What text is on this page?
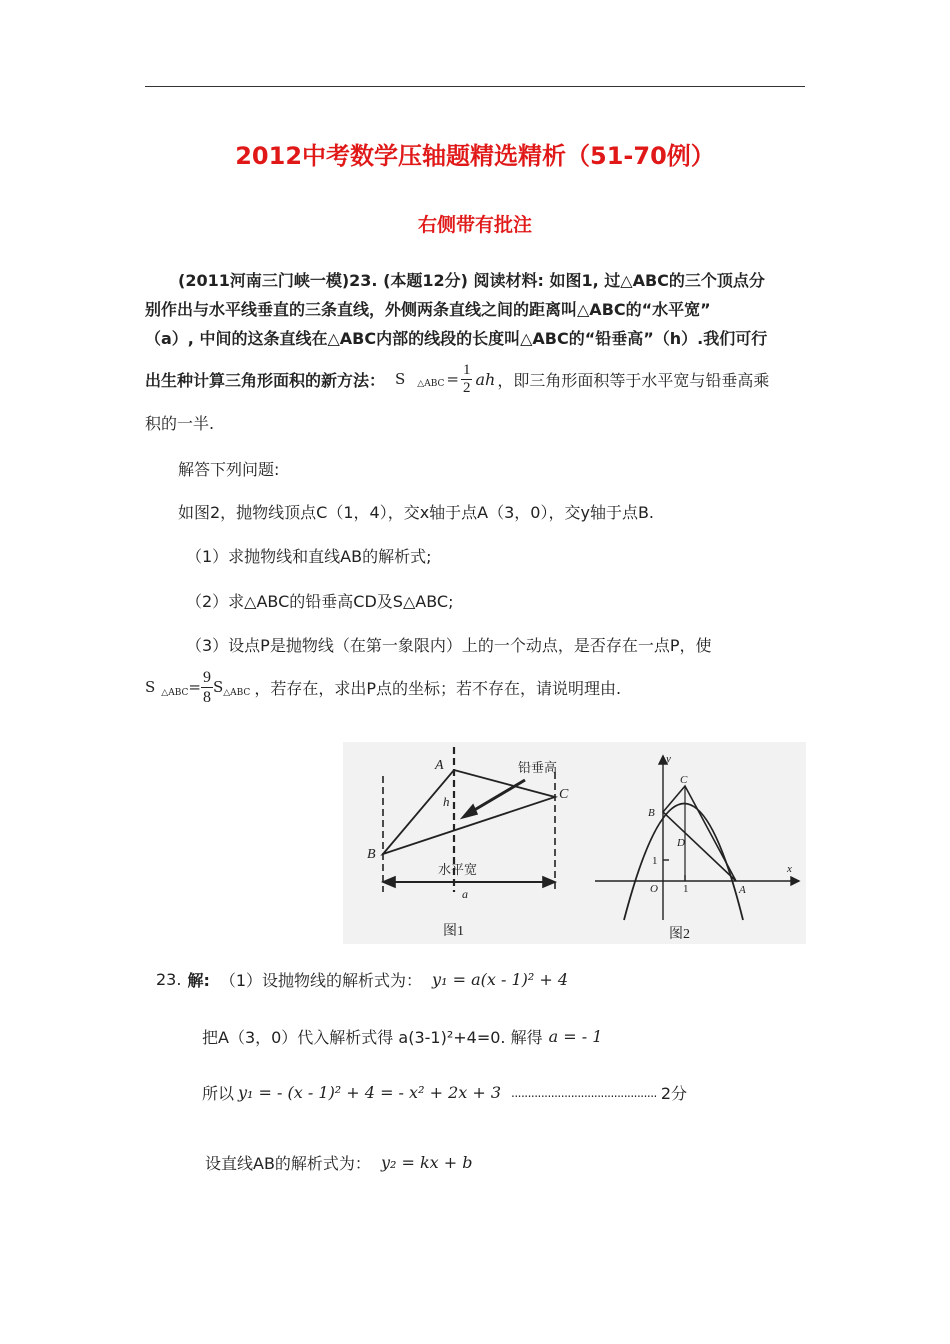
2012中考数学压轴题精选精析（51-70例）
右侧带有批注
(2011河南三门峡一模)23. (本题12分) 阅读材料: 如图1, 过△ABC的三个顶点分
别作出与水平线垂直的三条直线，外侧两条直线之间的距离叫△ABC的“水平宽”
（a）, 中间的这条直线在△ABC内部的线段的长度叫△ABC的“铅垂高”（h）.我们可行
出生种计算三角形面积的新方法： S △ABC = $\frac{1}{2}$ ah ，即三角形面积等于水平宽与铅垂高乘
积的一半.
解答下列问题:
如图2，抛物线顶点C（1，4），交x轴于点A（3，0），交y轴于点B.
（1）求抛物线和直线AB的解析式;
（2）求△ABC的铅垂高CD及S△ABC;
（3）设点P是抛物线（在第一象限内）上的一个动点，是否存在一点P，使
S △ABC = $\frac{9}{8}$ S △ABC ，若存在，求出P点的坐标；若不存在，请说明理由.
A
B
C
h
铅垂高
水平宽
a
图1
y
x
C
B
D
O 1
1
A
图2
23. 解: （1）设抛物线的解析式为： y₁ = a(x - 1)² + 4
把A（3，0）代入解析式得 a(3-1)²+4=0. 解得 a = - 1
所以 y₁ = - (x - 1)² + 4 = - x² + 2x + 3 ............................................ 2分
设直线AB的解析式为： y₂ = kx + b
